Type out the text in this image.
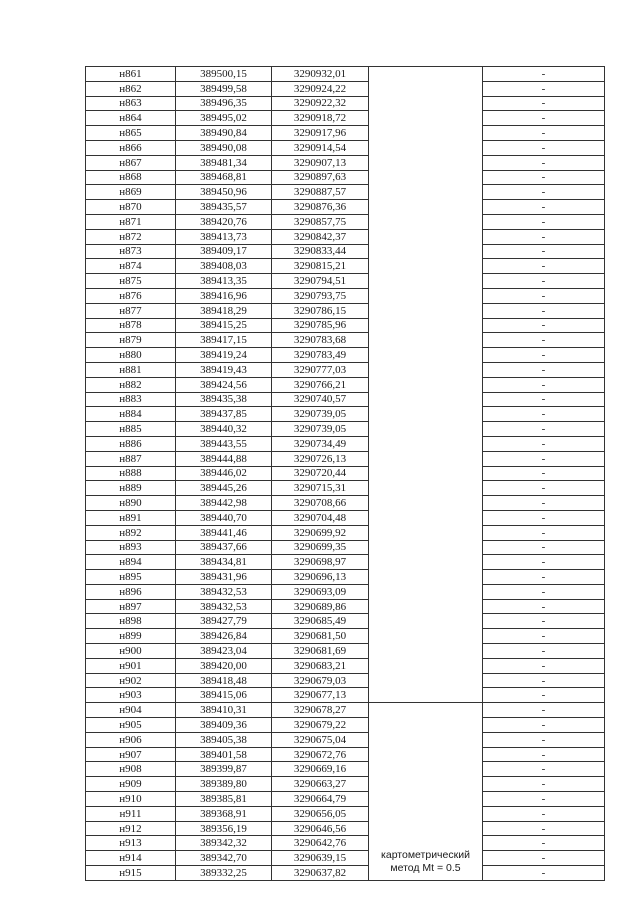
н861	389500,15	3290932,01		-
н862	389499,58	3290924,22		-
н863	389496,35	3290922,32		-
н864	389495,02	3290918,72		-
н865	389490,84	3290917,96		-
н866	389490,08	3290914,54		-
н867	389481,34	3290907,13		-
н868	389468,81	3290897,63		-
н869	389450,96	3290887,57		-
н870	389435,57	3290876,36		-
н871	389420,76	3290857,75		-
н872	389413,73	3290842,37		-
н873	389409,17	3290833,44		-
н874	389408,03	3290815,21		-
н875	389413,35	3290794,51		-
н876	389416,96	3290793,75		-
н877	389418,29	3290786,15		-
н878	389415,25	3290785,96		-
н879	389417,15	3290783,68		-
н880	389419,24	3290783,49		-
н881	389419,43	3290777,03		-
н882	389424,56	3290766,21		-
н883	389435,38	3290740,57		-
н884	389437,85	3290739,05		-
н885	389440,32	3290739,05		-
н886	389443,55	3290734,49		-
н887	389444,88	3290726,13		-
н888	389446,02	3290720,44		-
н889	389445,26	3290715,31		-
н890	389442,98	3290708,66		-
н891	389440,70	3290704,48		-
н892	389441,46	3290699,92		-
н893	389437,66	3290699,35		-
н894	389434,81	3290698,97		-
н895	389431,96	3290696,13		-
н896	389432,53	3290693,09		-
н897	389432,53	3290689,86		-
н898	389427,79	3290685,49		-
н899	389426,84	3290681,50		-
н900	389423,04	3290681,69		-
н901	389420,00	3290683,21		-
н902	389418,48	3290679,03		-
н903	389415,06	3290677,13		-
н904	389410,31	3290678,27	картометрический
метод Mt = 0.5	-
н905	389409,36	3290679,22		-
н906	389405,38	3290675,04		-
н907	389401,58	3290672,76		-
н908	389399,87	3290669,16		-
н909	389389,80	3290663,27		-
н910	389385,81	3290664,79		-
н911	389368,91	3290656,05		-
н912	389356,19	3290646,56		-
н913	389342,32	3290642,76		-
н914	389342,70	3290639,15		-
н915	389332,25	3290637,82		-
